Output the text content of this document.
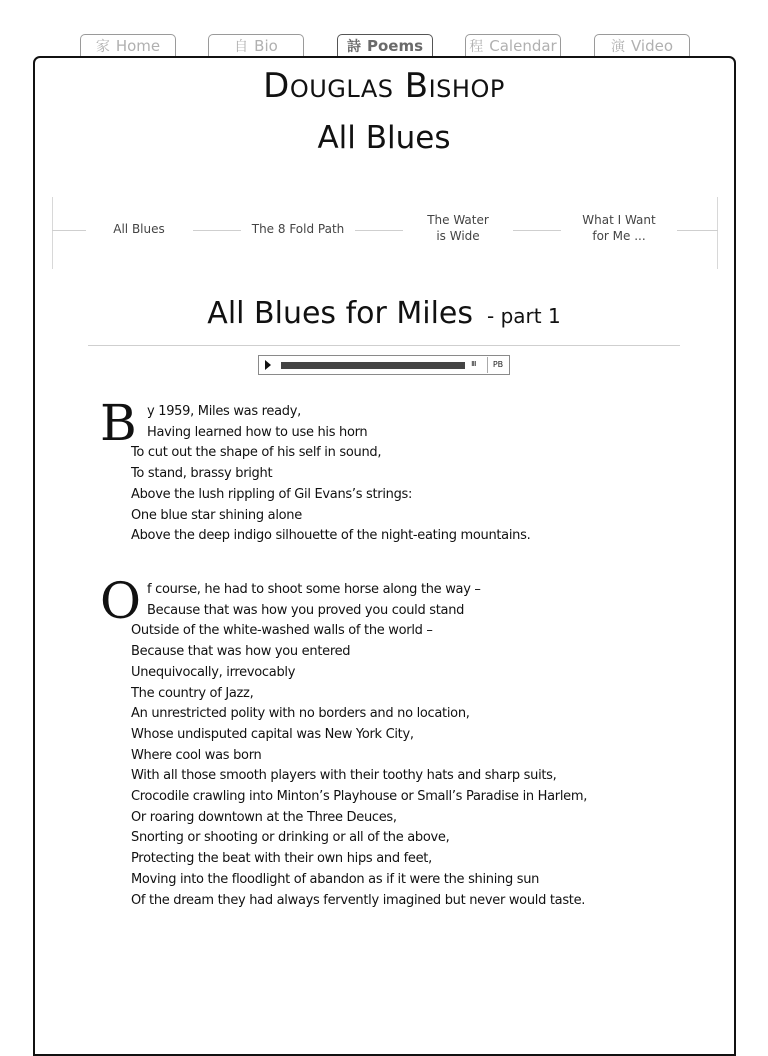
家 Home	自 Bio	詩 Poems	程 Calendar	演 Video
Douglas Bishop
All Blues
All Blues	The 8 Fold Path
The Water
is Wide
What I Want
for Me ...
All Blues for Miles - part 1
ııı	PB
B y 1959, Miles was ready,
Having learned how to use his horn
To cut out the shape of his self in sound,
To stand, brassy bright
Above the lush rippling of Gil Evans’s strings:
One blue star shining alone
Above the deep indigo silhouette of the night-eating mountains.
O f course, he had to shoot some horse along the way –
Because that was how you proved you could stand
Outside of the white-washed walls of the world –
Because that was how you entered
Unequivocally, irrevocably
The country of Jazz,
An unrestricted polity with no borders and no location,
Whose undisputed capital was New York City,
Where cool was born
With all those smooth players with their toothy hats and sharp suits,
Crocodile crawling into Minton’s Playhouse or Small’s Paradise in Harlem,
Or roaring downtown at the Three Deuces,
Snorting or shooting or drinking or all of the above,
Protecting the beat with their own hips and feet,
Moving into the floodlight of abandon as if it were the shining sun
Of the dream they had always fervently imagined but never would taste.
